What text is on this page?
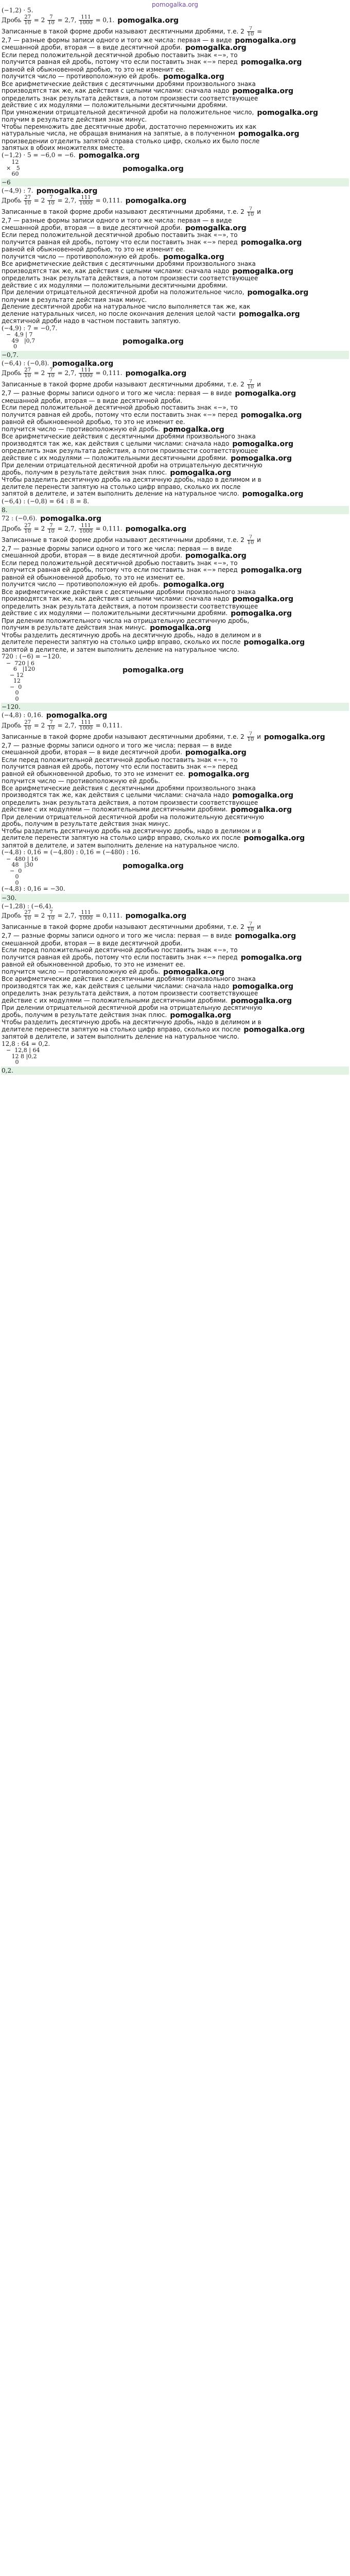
pomogalka.org
(−1,2) · 5.
Дробь $\frac{27}{10} = 2 \frac{7}{10} = 2,7$, $\frac{111}{1000} = 0,1$. pomogalka.org
Записанные в такой форме дроби называют десятичными дробями, т.е. $2 \frac{7}{10}$ =
2,7 — разные формы записи одного и того же числа: первая — в виде pomogalka.org
смешанной дроби, вторая — в виде десятичной дроби. pomogalka.org
Если перед положительной десятичной дробью поставить знак «−», то
получится равная ей дробь, потому что если поставить знак «−» перед pomogalka.org
равной ей обыкновенной дробью, то это не изменит ее.
получится число — противоположную ей дробь. pomogalka.org
Все арифметические действия с десятичными дробями произвольного знака
производятся так же, как действия с целыми числами: сначала надо pomogalka.org
определить знак результата действия, а потом произвести соответствующее
действие с их модулями — положительными десятичными дробями.
При умножении отрицательной десятичной дроби на положительное число, pomogalka.org
получим в результате действия знак минус.
Чтобы перемножить две десятичные дроби, достаточно перемножить их как
натуральные числа, не обращая внимания на запятые, а в полученном pomogalka.org
произведении отделить запятой справа столько цифр, сколько их было после
запятых в обоих множителях вместе.
(−1,2) · 5 = −6,0 = −6. pomogalka.org
12
×   5
60
pomogalka.org
−6
(−4,9) : 7. pomogalka.org
Дробь $\frac{27}{10} = 2 \frac{7}{10} = 2,7$, $\frac{111}{1000} = 0,111$. pomogalka.org
Записанные в такой форме дроби называют десятичными дробями, т.е. $2 \frac{7}{10}$ и
2,7 — разные формы записи одного и того же числа: первая — в виде
смешанной дроби, вторая — в виде десятичной дроби. pomogalka.org
Если перед положительной десятичной дробью поставить знак «−», то
получится равная ей дробь, потому что если поставить знак «−» перед pomogalka.org
равной ей обыкновенной дробью, то это не изменит ее.
получится число — противоположную ей дробь. pomogalka.org
Все арифметические действия с десятичными дробями произвольного знака
производятся так же, как действия с целыми числами: сначала надо pomogalka.org
определить знак результата действия, а потом произвести соответствующее
действие с их модулями — положительными десятичными дробями.
При делении отрицательной десятичной дроби на положительное число, pomogalka.org
получим в результате действия знак минус.
Деление десятичной дроби на натуральное число выполняется так же, как
деление натуральных чисел, но после окончания деления целой части pomogalka.org
десятичной дроби надо в частном поставить запятую.
(−4,9) : 7 = −0,7.
−  4,9 | 7
49   |0,7
0
pomogalka.org
−0,7.
(−6,4) : (−0,8). pomogalka.org
Дробь $\frac{27}{10} = 2 \frac{7}{10} = 2,7$, $\frac{111}{1000} = 0,111$. pomogalka.org
Записанные в такой форме дроби называют десятичными дробями, т.е. $2 \frac{7}{10}$ и
2,7 — разные формы записи одного и того же числа: первая — в виде pomogalka.org
смешанной дроби, вторая — в виде десятичной дроби.
Если перед положительной десятичной дробью поставить знак «−», то
получится равная ей дробь, потому что если поставить знак «−» перед pomogalka.org
равной ей обыкновенной дробью, то это не изменит ее.
получится число — противоположную ей дробь. pomogalka.org
Все арифметические действия с десятичными дробями произвольного знака
производятся так же, как действия с целыми числами: сначала надо pomogalka.org
определить знак результата действия, а потом произвести соответствующее
действие с их модулями — положительными десятичными дробями. pomogalka.org
При делении отрицательной десятичной дроби на отрицательную десятичную
дробь, получим в результате действия знак плюс. pomogalka.org
Чтобы разделить десятичную дробь на десятичную дробь, надо в делимом и в
делителе перенести запятую на столько цифр вправо, сколько их после
запятой в делителе, и затем выполнить деление на натуральное число. pomogalka.org
(−6,4) : (−0,8) = 64 : 8 = 8.
8.
72 : (−0,6). pomogalka.org
Дробь $\frac{27}{10} = 2 \frac{7}{10} = 2,7$, $\frac{111}{1000} = 0,111$. pomogalka.org
Записанные в такой форме дроби называют десятичными дробями, т.е. $2 \frac{7}{10}$ и
2,7 — разные формы записи одного и того же числа: первая — в виде
смешанной дроби, вторая — в виде десятичной дроби. pomogalka.org
Если перед положительной десятичной дробью поставить знак «−», то
получится равная ей дробь, потому что если поставить знак «−» перед pomogalka.org
равной ей обыкновенной дробью, то это не изменит ее.
получится число — противоположную ей дробь. pomogalka.org
Все арифметические действия с десятичными дробями произвольного знака
производятся так же, как действия с целыми числами: сначала надо pomogalka.org
определить знак результата действия, а потом произвести соответствующее
действие с их модулями — положительными десятичными дробями. pomogalka.org
При делении положительного числа на отрицательную десятичную дробь,
получим в результате действия знак минус. pomogalka.org
Чтобы разделить десятичную дробь на десятичную дробь, надо в делимом и в
делителе перенести запятую на столько цифр вправо, сколько их после pomogalka.org
запятой в делителе, и затем выполнить деление на натуральное число.
720 : (−6) = −120.
−  720 | 6
6   |120
− 12
12
−  0
0
0
pomogalka.org
−120.
(−4,8) : 0,16. pomogalka.org
Дробь $\frac{27}{10} = 2 \frac{7}{10} = 2,7$, $\frac{111}{1000} = 0,111$.
Записанные в такой форме дроби называют десятичными дробями, т.е. $2 \frac{7}{10}$ и pomogalka.org
2,7 — разные формы записи одного и того же числа: первая — в виде
смешанной дроби, вторая — в виде десятичной дроби. pomogalka.org
Если перед положительной десятичной дробью поставить знак «−», то
получится равная ей дробь, потому что если поставить знак «−» перед
равной ей обыкновенной дробью, то это не изменит ее. pomogalka.org
получится число — противоположную ей дробь.
Все арифметические действия с десятичными дробями произвольного знака
производятся так же, как действия с целыми числами: сначала надо pomogalka.org
определить знак результата действия, а потом произвести соответствующее
действие с их модулями — положительными десятичными дробями. pomogalka.org
При делении отрицательной десятичной дроби на положительную десятичную
дробь, получим в результате действия знак минус.
Чтобы разделить десятичную дробь на десятичную дробь, надо в делимом и в
делителе перенести запятую на столько цифр вправо, сколько их после pomogalka.org
запятой в делителе, и затем выполнить деление на натуральное число.
(−4,8) : 0,16 = (−4,80) : 0,16 = (−480) : 16.
−  480 | 16
48   |30
−  0
0
0
pomogalka.org
(−4,8) : 0,16 = −30.
−30.
(−1,28) : (−6,4).
Дробь $\frac{27}{10} = 2 \frac{7}{10} = 2,7$, $\frac{111}{1000} = 0,111$. pomogalka.org
Записанные в такой форме дроби называют десятичными дробями, т.е. $2 \frac{7}{10}$ и
2,7 — разные формы записи одного и того же числа: первая — в виде pomogalka.org
смешанной дроби, вторая — в виде десятичной дроби.
Если перед положительной десятичной дробью поставить знак «−», то
получится равная ей дробь, потому что если поставить знак «−» перед pomogalka.org
равной ей обыкновенной дробью, то это не изменит ее.
получится число — противоположную ей дробь. pomogalka.org
Все арифметические действия с десятичными дробями произвольного знака
производятся так же, как действия с целыми числами: сначала надо pomogalka.org
определить знак результата действия, а потом произвести соответствующее
действие с их модулями — положительными десятичными дробями. pomogalka.org
При делении отрицательной десятичной дроби на отрицательную десятичную
дробь, получим в результате действия знак плюс. pomogalka.org
Чтобы разделить десятичную дробь на десятичную дробь, надо в делимом и в
делителе перенести запятую на столько цифр вправо, сколько их после pomogalka.org
запятой в делителе, и затем выполнить деление на натуральное число.
12,8 : 64 = 0,2.
−  12,8 | 64
12 8 |0,2
0
0,2.
